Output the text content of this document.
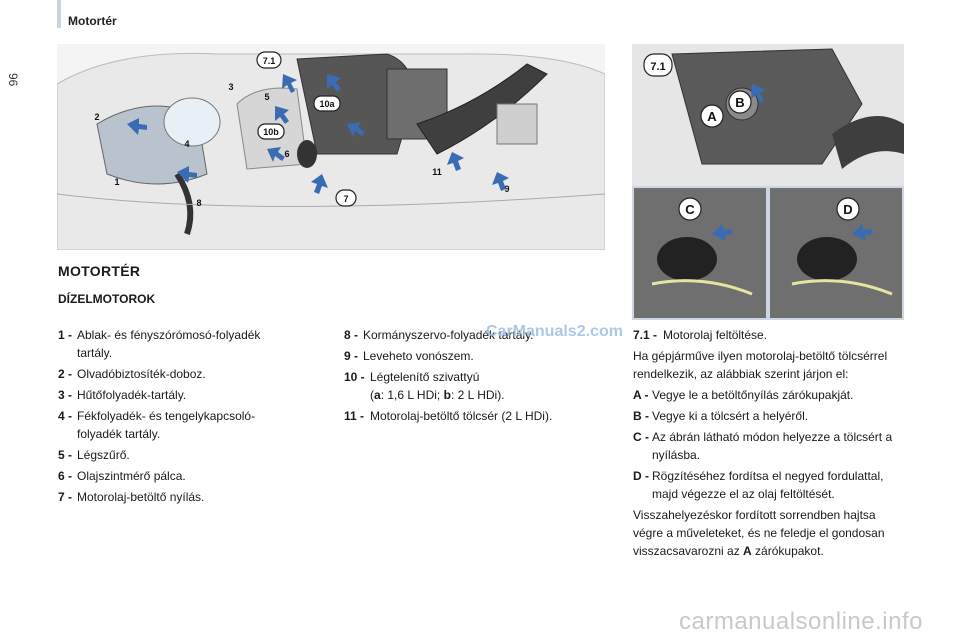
96
Motortér
7.1
3
5
10a
2
10b
4
6
1
8	7
11
9
7.1
A
B
C	D
MOTORTÉR
DÍZELMOTOROK
1 - Ablak- és fényszórómosó-folyadék tartály.
2 - Olvadóbiztosíték-doboz.
3 - Hűtőfolyadék-tartály.
4 - Fékfolyadék- és tengelykapcsoló-folyadék tartály.
5 - Légszűrő.
6 - Olajszintmérő pálca.
7 - Motorolaj-betöltő nyílás.
8 - Kormányszervo-folyadék tartály.
9 - Leveheto vonószem.
10 - Légtelenítő szivattyú
(a: 1,6 L HDi; b: 2 L HDi).
11 - Motorolaj-betöltő tölcsér (2 L HDi).
7.1 - Motorolaj feltöltése.
Ha gépjárműve ilyen motorolaj-betöltő tölcsérrel rendelkezik, az alábbiak szerint járjon el:
A - Vegye le a betöltőnyílás zárókupakját.
B - Vegye ki a tölcsért a helyéről.
C - Az ábrán látható módon helyezze a tölcsért a nyílásba.
D - Rögzítéséhez fordítsa el negyed fordulattal, majd végezze el az olaj feltöltését.
Visszahelyezéskor fordított sorrendben hajtsa végre a műveleteket, és ne feledje el gondosan visszacsavarozni az A zárókupakot.
CarManuals2.com
carmanualsonline.info
